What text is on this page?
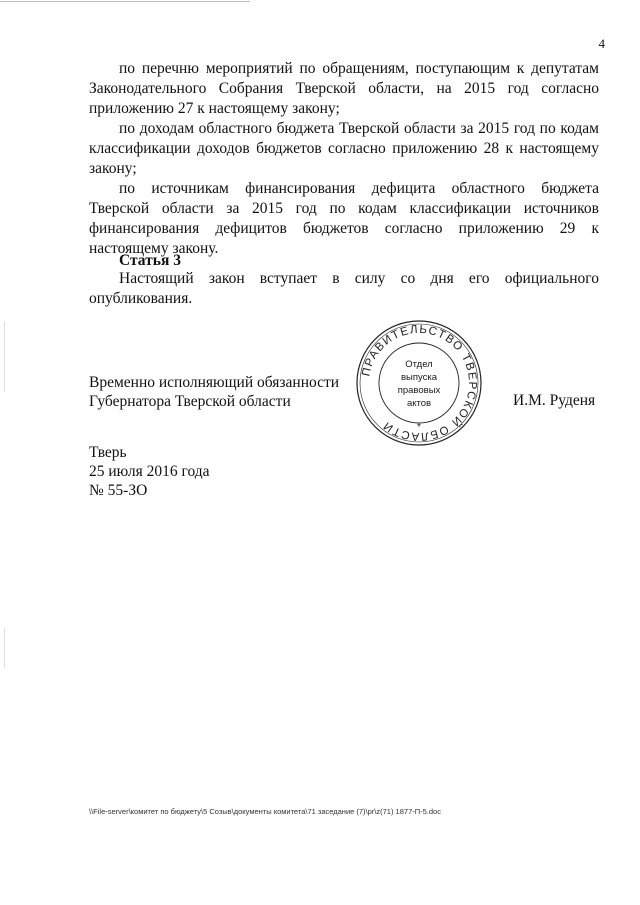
4

по перечню мероприятий по обращениям, поступающим к депутатам Законодательного Собрания Тверской области, на 2015 год согласно приложению 27 к настоящему закону;

по доходам областного бюджета Тверской области за 2015 год по кодам классификации доходов бюджетов согласно приложению 28 к настоящему закону;

по источникам финансирования дефицита областного бюджета Тверской области за 2015 год по кодам классификации источников финансирования дефицитов бюджетов согласно приложению 29 к настоящему закону.

Статья 3

Настоящий закон вступает в силу со дня его официального опубликования.

Временно исполняющий обязанности
Губернатора Тверской области
ПРАВИТЕЛЬСТВО ТВЕРСКОЙ ОБЛАСТИ	*
Отдел
выпуска
правовых
актов	И.М. Руденя
Тверь
25 июля 2016 года
№ 55-ЗО
\\File-server\комитет по бюджету\5 Созыв\документы комитета\71 заседание (7)\pr\z(71) 1877-П-5.doc
